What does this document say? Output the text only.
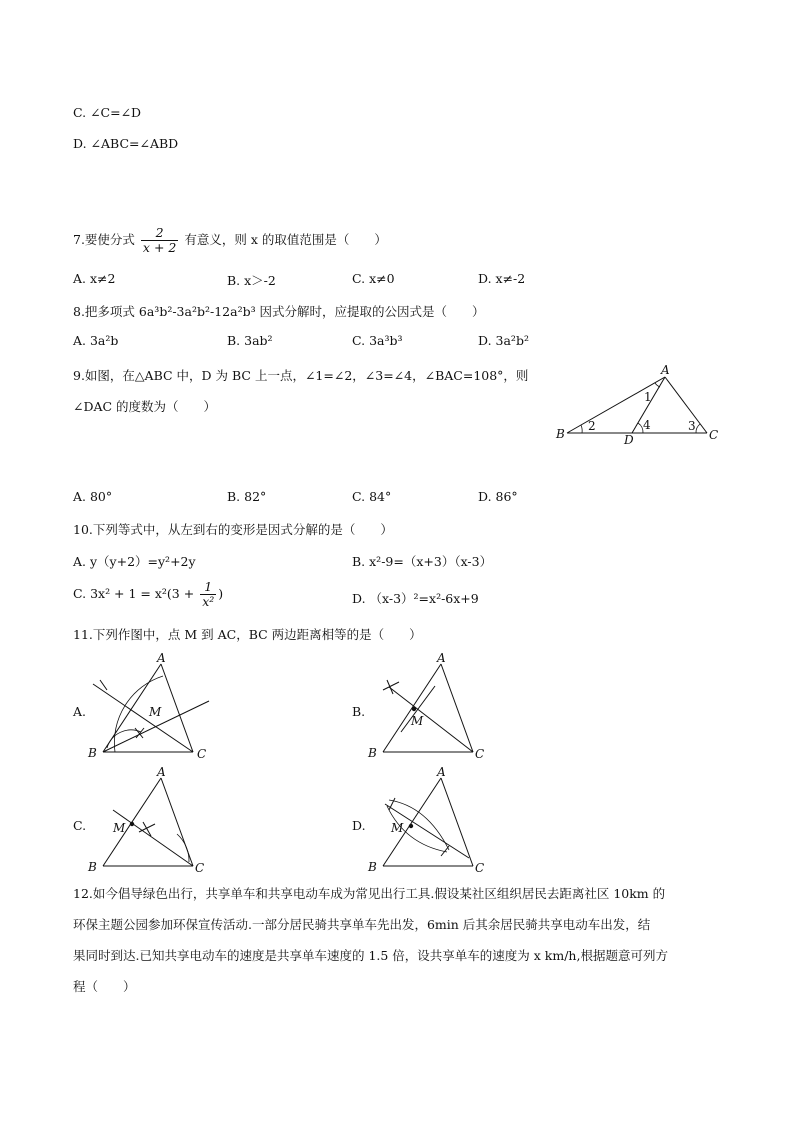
C. ∠C=∠D
D. ∠ABC=∠ABD
7.要使分式 $\frac{2}{x + 2}$ 有意义，则 x 的取值范围是（　　）
A. x≠2	B. x＞-2	C. x≠0	D. x≠-2
8.把多项式 6a³b²-3a²b²-12a²b³ 因式分解时，应提取的公因式是（　　）
A. 3a²b	B. 3ab²	C. 3a³b³	D. 3a²b²
9.如图，在△ABC 中，D 为 BC 上一点，∠1=∠2，∠3=∠4，∠BAC=108°，则
∠DAC 的度数为（　　）
A
B	C
D
1
2	3
4
A. 80°	B. 82°	C. 84°	D. 86°
10.下列等式中，从左到右的变形是因式分解的是（　　）
A. y（y+2）=y²+2y	B. x²-9=（x+3）（x-3）
C. $3x^2 + 1 = x^2(3 + \frac{1}{\text{x²}}$ )	D. （x-3）²=x²-6x+9
11.下列作图中，点 M 到 AC，BC 两边距离相等的是（　　）
A.
A
B	C
M	B.
A
B	C
M
C.
A
B	C
M	D.
A
B	C
M
12.如今倡导绿色出行，共享单车和共享电动车成为常见出行工具.假设某社区组织居民去距离社区 10km 的
环保主题公园参加环保宣传活动.一部分居民骑共享单车先出发，6min 后其余居民骑共享电动车出发，结
果同时到达.已知共享电动车的速度是共享单车速度的 1.5 倍，设共享单车的速度为 x km/h,根据题意可列方
程（　　）
